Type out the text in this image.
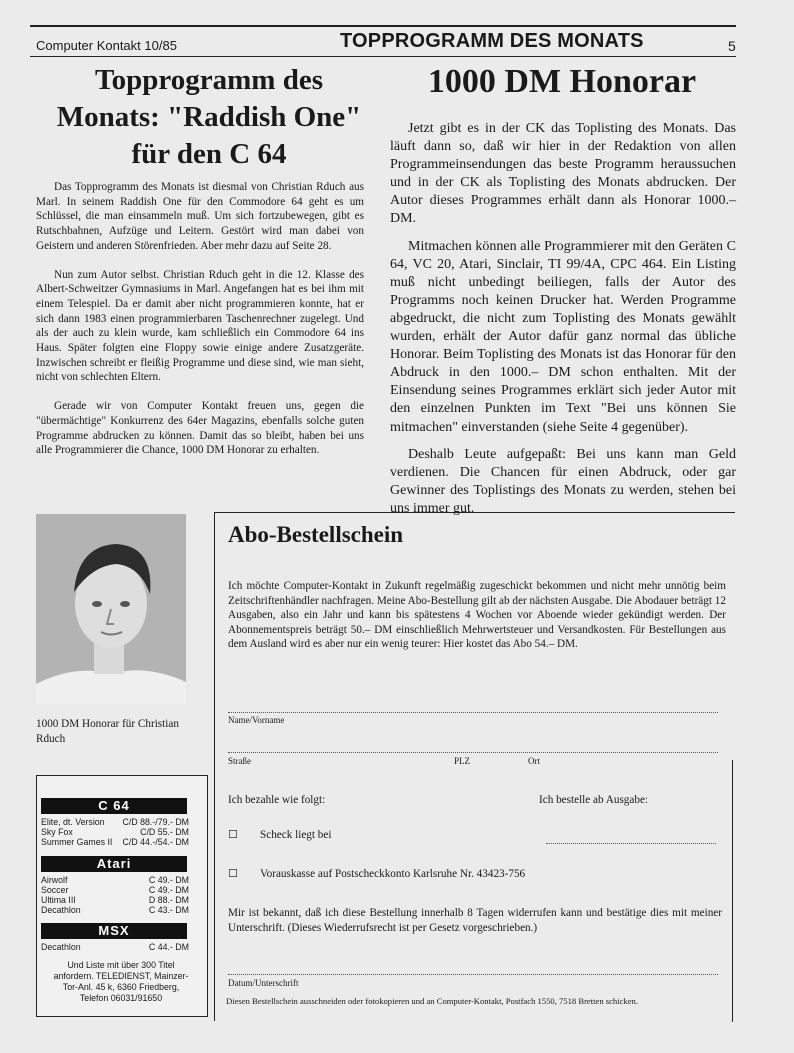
Computer Kontakt 10/85	TOPPROGRAMM DES MONATS	5
Topprogramm des
Monats: "Raddish One"
für den C 64

Das Topprogramm des Monats ist diesmal von Christian Rduch aus Marl. In seinem Raddish One für den Commodore 64 geht es um Schlüssel, die man einsammeln muß. Um sich fortzubewegen, gibt es Rutschbahnen, Aufzüge und Leitern. Gestört wird man dabei von Geistern und anderen Störenfrieden. Aber mehr dazu auf Seite 28.

Nun zum Autor selbst. Christian Rduch geht in die 12. Klasse des Albert-Schweitzer Gymnasiums in Marl. Angefangen hat es bei ihm mit einem Telespiel. Da er damit aber nicht programmieren konnte, hat er sich dann 1983 einen programmierbaren Taschenrechner zugelegt. Und als der auch zu klein wurde, kam schließlich ein Commodore 64 ins Haus. Später folgten eine Floppy sowie einige andere Zusatzgeräte. Inzwischen schreibt er fleißig Programme und diese sind, wie man sieht, nicht von schlechten Eltern.

Gerade wir von Computer Kontakt freuen uns, gegen die "übermächtige" Konkurrenz des 64er Magazins, ebenfalls solche guten Programme abdrucken zu können. Damit das so bleibt, haben bei uns alle Programmierer die Chance, 1000 DM Honorar zu erhalten.

1000 DM Honorar

Jetzt gibt es in der CK das Toplisting des Monats. Das läuft dann so, daß wir hier in der Redaktion von allen Programmeinsendungen das beste Programm heraussuchen und in der CK als Toplisting des Monats abdrucken. Der Autor dieses Programmes erhält dann als Honorar 1000.– DM.

Mitmachen können alle Programmierer mit den Geräten C 64, VC 20, Atari, Sinclair, TI 99/4A, CPC 464. Ein Listing muß nicht unbedingt beiliegen, falls der Autor des Programms noch keinen Drucker hat. Werden Programme abgedruckt, die nicht zum Toplisting des Monats gewählt wurden, erhält der Autor dafür ganz normal das übliche Honorar. Beim Toplisting des Monats ist das Honorar für den Abdruck in den 1000.– DM schon enthalten. Mit der Einsendung seines Programmes erklärt sich jeder Autor mit den einzelnen Punkten im Text "Bei uns können Sie mitmachen" einverstanden (siehe Seite 4 gegenüber).

Deshalb Leute aufgepaßt: Bei uns kann man Geld verdienen. Die Chancen für einen Abdruck, oder gar Gewinner des Toplistings des Monats zu werden, stehen bei uns immer gut.

1000 DM Honorar für Christian Rduch
C 64
Elite, dt. Version C/D 88.-/79.- DM
Sky Fox	C/D 55.- DM
Summer Games II C/D 44.-/54.- DM
Atari
Airwolf	C 49.- DM
Soccer	C 49.- DM
Ultima III	D 88.- DM
Decathlon	C 43.- DM
MSX
Decathlon	C 44.- DM
Und Liste mit über 300 Titel
anfordern. TELEDIENST, Mainzer-
Tor-Anl. 45 k, 6360 Friedberg,
Telefon 06031/91650
Abo-Bestellschein
Ich möchte Computer-Kontakt in Zukunft regelmäßig zugeschickt bekommen und nicht mehr unnötig beim Zeitschriftenhändler nachfragen. Meine Abo-Bestellung gilt ab der nächsten Ausgabe. Die Abodauer beträgt 12 Ausgaben, also ein Jahr und kann bis spätestens 4 Wochen vor Aboende wieder gekündigt werden. Der Abonnementspreis beträgt 50.– DM einschließlich Mehrwertsteuer und Versandkosten. Für Bestellungen aus dem Ausland wird es aber nur ein wenig teurer: Hier kostet das Abo 54.– DM.
Name/Vorname
Straße	PLZ	Ort
Ich bezahle wie folgt:	Ich bestelle ab Ausgabe:
☐ Scheck liegt bei
☐ Vorauskasse auf Postscheckkonto Karlsruhe Nr. 43423-756
Mir ist bekannt, daß ich diese Bestellung innerhalb 8 Tagen widerrufen kann und bestätige dies mit meiner Unterschrift. (Dieses Wiederrufsrecht ist per Gesetz vorgeschrieben.)
Datum/Unterschrift
Diesen Bestellschein ausschneiden oder fotokopieren und an Computer-Kontakt, Postfach 1550, 7518 Bretten schicken.
